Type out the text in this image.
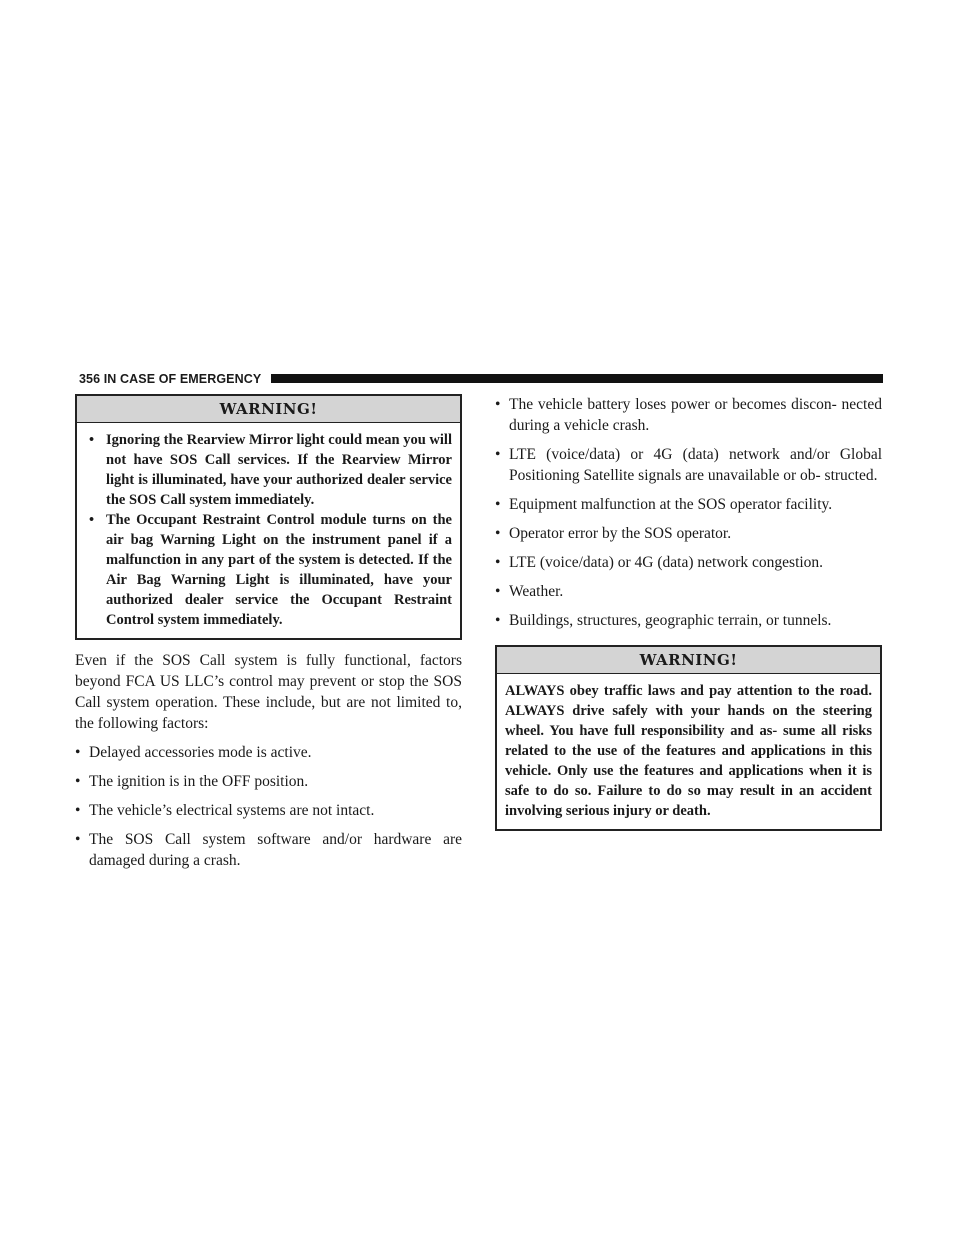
356 IN CASE OF EMERGENCY
WARNING!
• Ignoring the Rearview Mirror light could mean you will not have SOS Call services. If the Rearview Mirror light is illuminated, have your authorized dealer service the SOS Call system immediately.
• The Occupant Restraint Control module turns on the air bag Warning Light on the instrument panel if a malfunction in any part of the system is detected. If the Air Bag Warning Light is illuminated, have your authorized dealer service the Occupant Restraint Control system immediately.

Even if the SOS Call system is fully functional, factors beyond FCA US LLC’s control may prevent or stop the SOS Call system operation. These include, but are not limited to, the following factors:

• Delayed accessories mode is active.
• The ignition is in the OFF position.
• The vehicle’s electrical systems are not intact.
• The SOS Call system software and/or hardware are damaged during a crash.
• The vehicle battery loses power or becomes discon- nected during a vehicle crash.
• LTE (voice/data) or 4G (data) network and/or Global Positioning Satellite signals are unavailable or ob- structed.
• Equipment malfunction at the SOS operator facility.
• Operator error by the SOS operator.
• LTE (voice/data) or 4G (data) network congestion.
• Weather.
• Buildings, structures, geographic terrain, or tunnels.
WARNING!

ALWAYS obey traffic laws and pay attention to the road. ALWAYS drive safely with your hands on the steering wheel. You have full responsibility and as- sume all risks related to the use of the features and applications in this vehicle. Only use the features and applications when it is safe to do so. Failure to do so may result in an accident involving serious injury or death.
